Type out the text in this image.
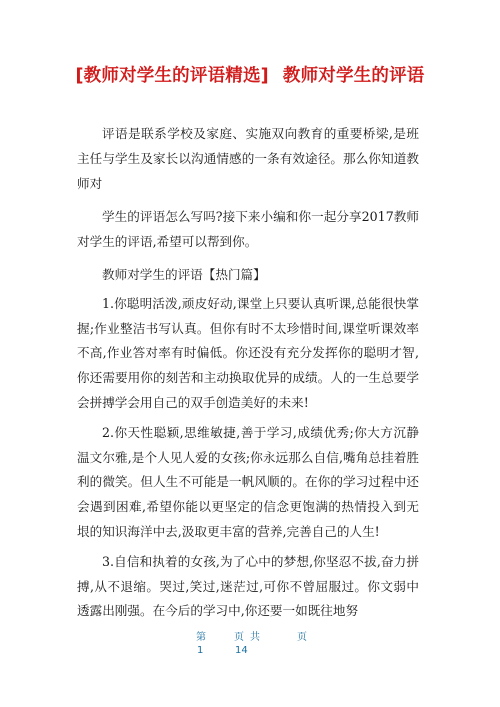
[教师对学生的评语精选] 教师对学生的评语

评语是联系学校及家庭、实施双向教育的重要桥梁,是班主任与学生及家长以沟通情感的一条有效途径。那么你知道教师对

学生的评语怎么写吗?接下来小编和你一起分享2017教师对学生的评语,希望可以帮到你。

教师对学生的评语【热门篇】

1.你聪明活泼,顽皮好动,课堂上只要认真听课,总能很快掌握;作业整洁书写认真。但你有时不太珍惜时间,课堂听课效率不高,作业答对率有时偏低。你还没有充分发挥你的聪明才智,你还需要用你的刻苦和主动换取优异的成绩。人的一生总要学会拼搏学会用自己的双手创造美好的未来!

2.你天性聪颖,思维敏捷,善于学习,成绩优秀;你大方沉静温文尔雅,是个人见人爱的女孩;你永远那么自信,嘴角总挂着胜利的微笑。但人生不可能是一帆风顺的。在你的学习过程中还会遇到困难,希望你能以更坚定的信念更饱满的热情投入到无垠的知识海洋中去,汲取更丰富的营养,完善自己的人生!

3.自信和执着的女孩,为了心中的梦想,你坚忍不拔,奋力拼搏,从不退缩。哭过,笑过,迷茫过,可你不曾屈服过。你文弱中透露出刚强。在今后的学习中,你还要一如既往地努

第	页 共	页
1	14
